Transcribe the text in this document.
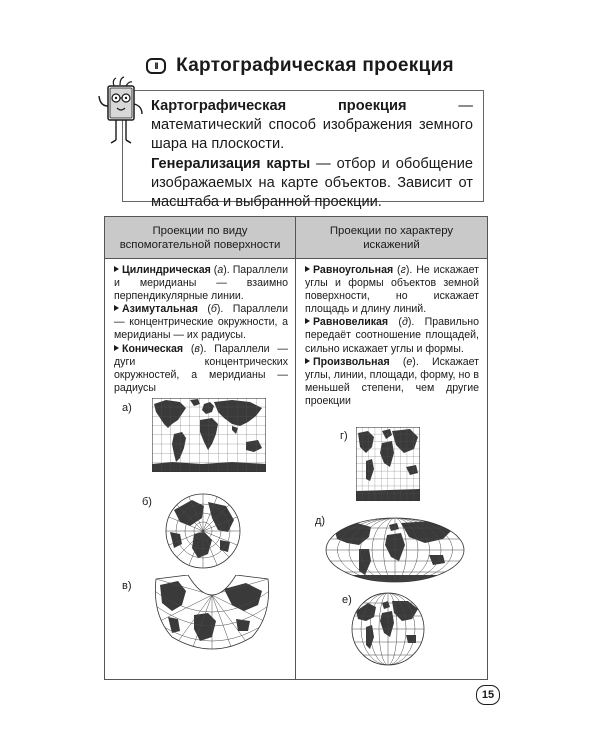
II Картографическая проекция
Картографическая проекция — математический способ изображения земного шара на плоскости.
Генерализация карты — отбор и обобщение изображаемых на карте объектов. Зависит от масштаба и выбранной проекции.
Проекции по виду вспомогательной поверхности
Проекции по характеру искажений

Цилиндрическая (а). Параллели и меридианы — взаимно перпендикулярные линии.

Азимутальная (б). Параллели — концентрические окружности, а меридианы — их радиусы.

Коническая (в). Параллели — дуги концентрических окружностей, а меридианы — радиусы

Равноугольная (г). Не искажает углы и формы объектов земной поверхности, но искажает площадь и длину линий.

Равновеликая (д). Правильно передаёт соотношение площадей, сильно искажает углы и формы.

Произвольная (е). Искажает углы, линии, площади, форму, но в меньшей степени, чем другие проекции

а)
б)
в)
г)
д)
е)
15
